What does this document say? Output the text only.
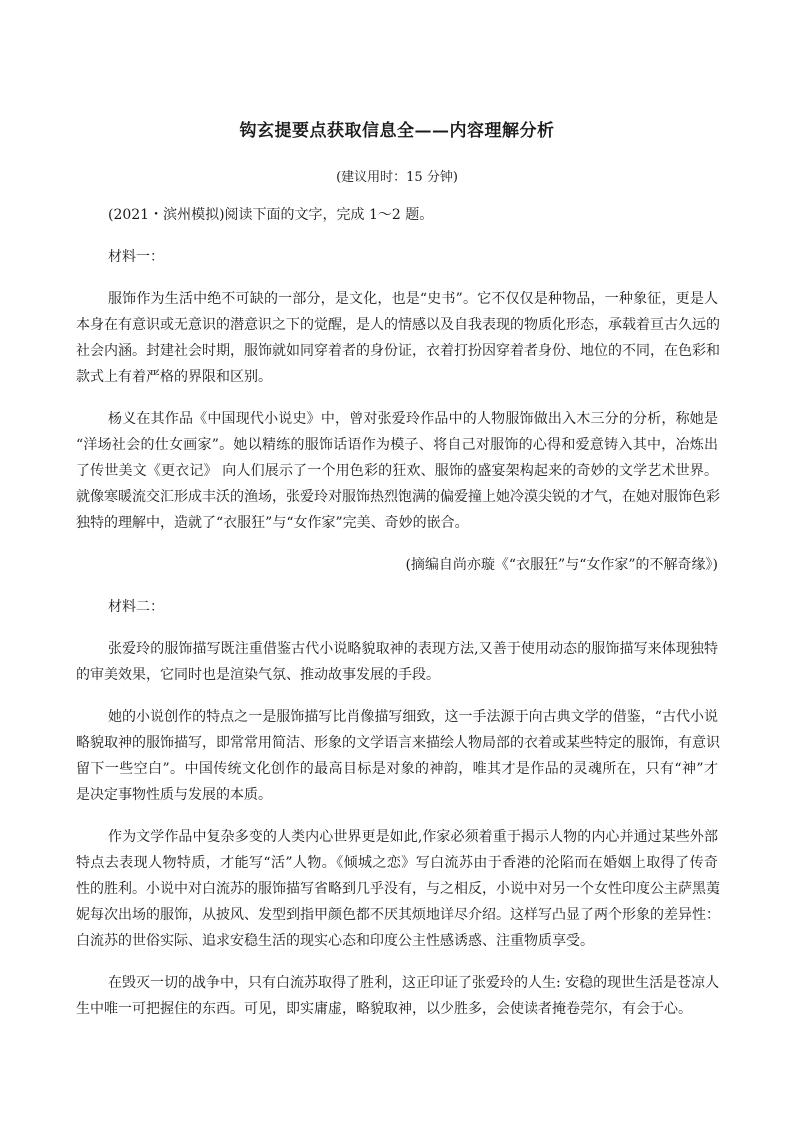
钩玄提要点获取信息全——内容理解分析
(建议用时：15 分钟)
(2021・滨州模拟)阅读下面的文字，完成 1～2 题。
材料一：
服饰作为生活中绝不可缺的一部分，是文化，也是“史书”。它不仅仅是种物品，一种象征，更是人
本身在有意识或无意识的潜意识之下的觉醒，是人的情感以及自我表现的物质化形态，承载着亘古久远的
社会内涵。封建社会时期，服饰就如同穿着者的身份证，衣着打扮因穿着者身份、地位的不同，在色彩和
款式上有着严格的界限和区别。
杨义在其作品《中国现代小说史》中，曾对张爱玲作品中的人物服饰做出入木三分的分析，称她是
“洋场社会的仕女画家”。她以精练的服饰话语作为模子、将自己对服饰的心得和爱意铸入其中，冶炼出
了传世美文《更衣记》 向人们展示了一个用色彩的狂欢、服饰的盛宴架构起来的奇妙的文学艺术世界。
就像寒暖流交汇形成丰沃的渔场，张爱玲对服饰热烈饱满的偏爱撞上她冷漠尖锐的才气，在她对服饰色彩
独特的理解中，造就了“衣服狂”与“女作家”完美、奇妙的嵌合。
(摘编自尚亦璇《“衣服狂”与“女作家”的不解奇缘》)
材料二：
张爱玲的服饰描写既注重借鉴古代小说略貌取神的表现方法,又善于使用动态的服饰描写来体现独特
的审美效果，它同时也是渲染气氛、推动故事发展的手段。
她的小说创作的特点之一是服饰描写比肖像描写细致，这一手法源于向古典文学的借鉴，“古代小说
略貌取神的服饰描写，即常常用简洁、形象的文学语言来描绘人物局部的衣着或某些特定的服饰，有意识
留下一些空白”。中国传统文化创作的最高目标是对象的神韵，唯其才是作品的灵魂所在，只有“神”才
是决定事物性质与发展的本质。
作为文学作品中复杂多变的人类内心世界更是如此,作家必须着重于揭示人物的内心并通过某些外部
特点去表现人物特质，才能写“活”人物。《倾城之恋》写白流苏由于香港的沦陷而在婚姻上取得了传奇
性的胜利。小说中对白流苏的服饰描写省略到几乎没有，与之相反，小说中对另一个女性印度公主萨黑荑
妮每次出场的服饰，从披风、发型到指甲颜色都不厌其烦地详尽介绍。这样写凸显了两个形象的差异性：
白流苏的世俗实际、追求安稳生活的现实心态和印度公主性感诱惑、注重物质享受。
在毁灭一切的战争中，只有白流苏取得了胜利，这正印证了张爱玲的人生: 安稳的现世生活是苍凉人
生中唯一可把握住的东西。可见，即实庸虚，略貌取神，以少胜多，会使读者掩卷莞尔，有会于心。
